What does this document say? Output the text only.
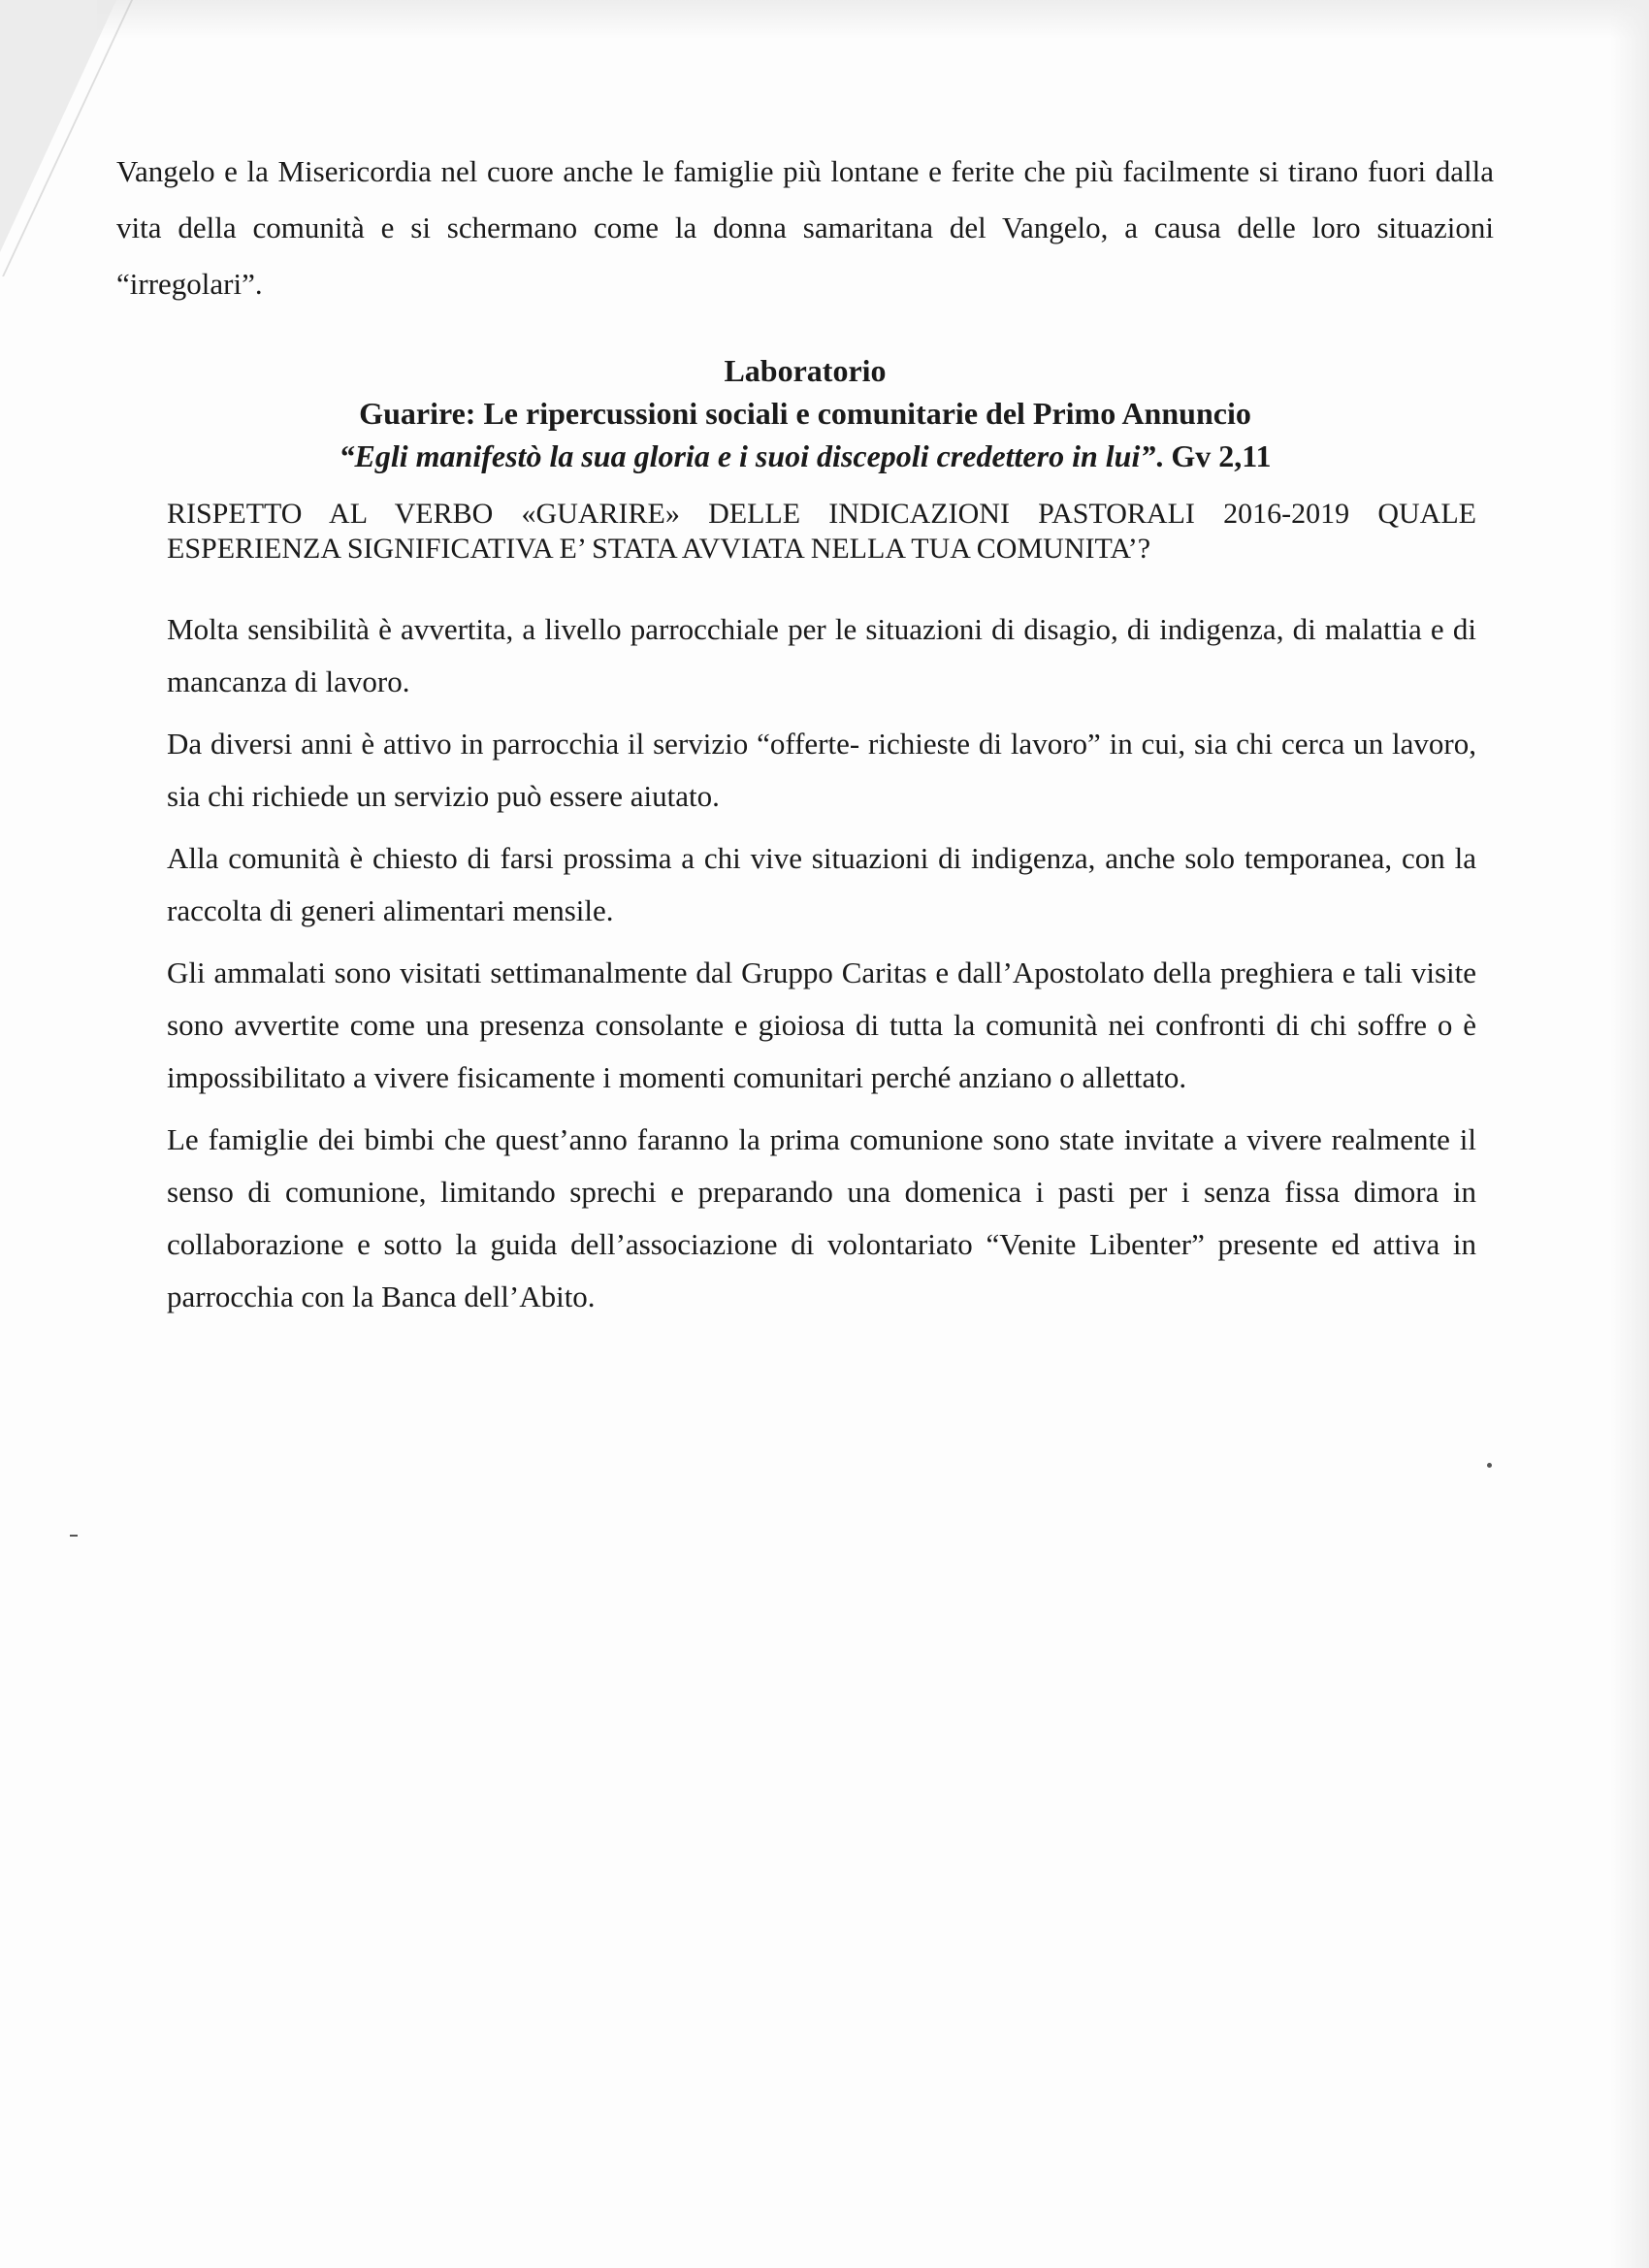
Vangelo e la Misericordia nel cuore anche le famiglie più lontane e ferite che più facilmente si tirano fuori dalla vita della comunità e si schermano come la donna samaritana del Vangelo, a causa delle loro situazioni “irregolari”.
Laboratorio
Guarire: Le ripercussioni sociali e comunitarie del Primo Annuncio
“Egli manifestò la sua gloria e i suoi discepoli credettero in lui”. Gv 2,11
RISPETTO AL VERBO «GUARIRE» DELLE INDICAZIONI PASTORALI 2016-2019 QUALE ESPERIENZA SIGNIFICATIVA E’ STATA AVVIATA NELLA TUA COMUNITA’?

Molta sensibilità è avvertita, a livello parrocchiale per le situazioni di disagio, di indigenza, di malattia e di mancanza di lavoro.

Da diversi anni è attivo in parrocchia il servizio “offerte- richieste di lavoro” in cui, sia chi cerca un lavoro, sia chi richiede un servizio può essere aiutato.

Alla comunità è chiesto di farsi prossima a chi vive situazioni di indigenza, anche solo temporanea, con la raccolta di generi alimentari mensile.

Gli ammalati sono visitati settimanalmente dal Gruppo Caritas e dall’Apostolato della preghiera e tali visite sono avvertite come una presenza consolante e gioiosa di tutta la comunità nei confronti di chi soffre o è impossibilitato a vivere fisicamente i momenti comunitari perché anziano o allettato.

Le famiglie dei bimbi che quest’anno faranno la prima comunione sono state invitate a vivere realmente il senso di comunione, limitando sprechi e preparando una domenica i pasti per i senza fissa dimora in collaborazione e sotto la guida dell’associazione di volontariato “Venite Libenter” presente ed attiva in parrocchia con la Banca dell’Abito.
